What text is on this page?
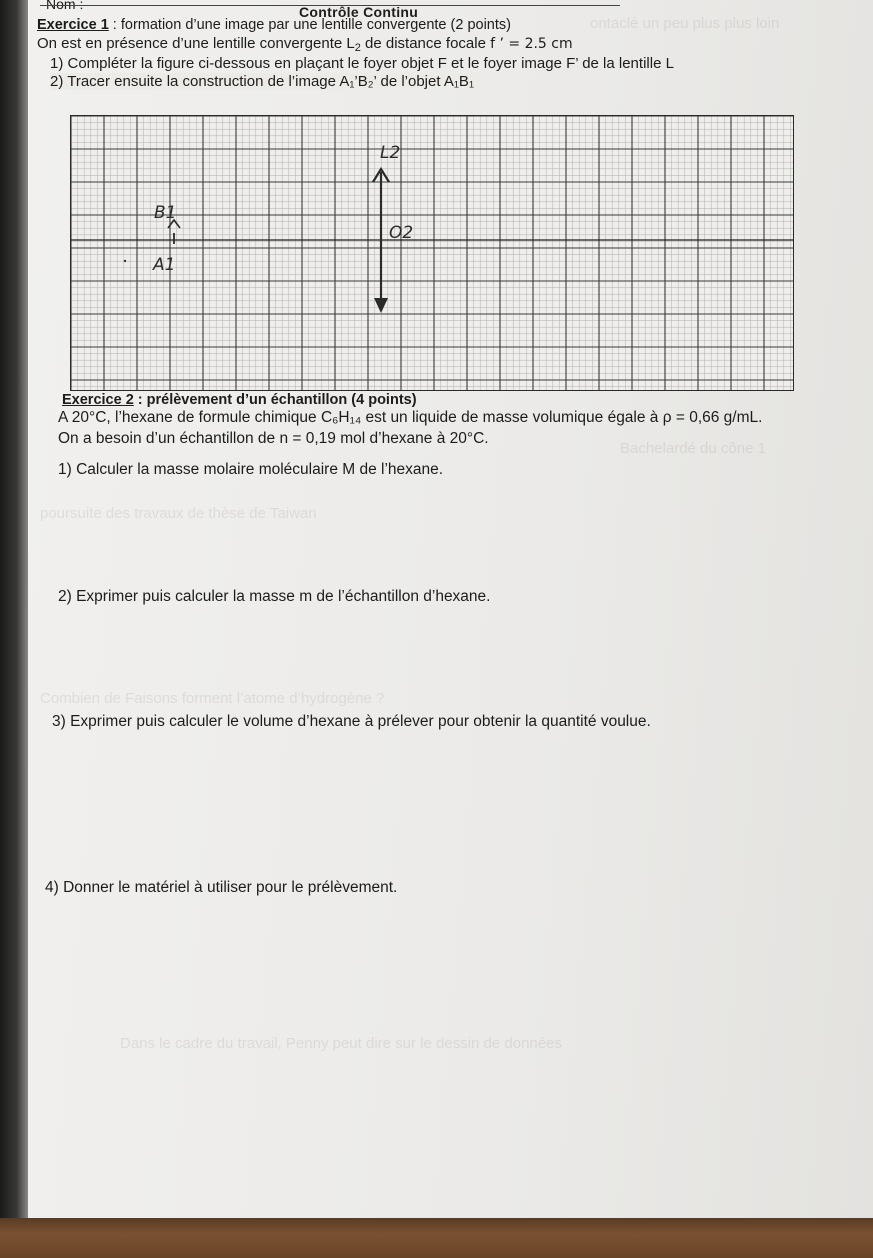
ontaclé un peu plus plus loin
Bachelardé du cône 1
poursuite des travaux de thèse de Taiwan
Combien de Faisons forment l’atome d’hydrogène ?
Dans le cadre du travail, Penny peut dire sur le dessin de données
Nom :	Contrôle Continu
Exercice 1 : formation d’une image par une lentille convergente (2 points)
On est en présence d’une lentille convergente $L_2$ de distance focale f ’ = 2.5 cm
1) Compléter la figure ci-dessous en plaçant le foyer objet F et le foyer image F’ de la lentille L
2) Tracer ensuite la construction de l’image A₁’B₂’ de l’objet A₁B₁
L2
O2
B1
A1
Exercice 2 : prélèvement d’un échantillon (4 points)
A 20°C, l’hexane de formule chimique C₆H₁₄ est un liquide de masse volumique égale à ρ = 0,66 g/mL.
On a besoin d’un échantillon de n = 0,19 mol d’hexane à 20°C.
1) Calculer la masse molaire moléculaire M de l’hexane.
2) Exprimer puis calculer la masse m de l’échantillon d’hexane.
3) Exprimer puis calculer le volume d’hexane à prélever pour obtenir la quantité voulue.
4) Donner le matériel à utiliser pour le prélèvement.
